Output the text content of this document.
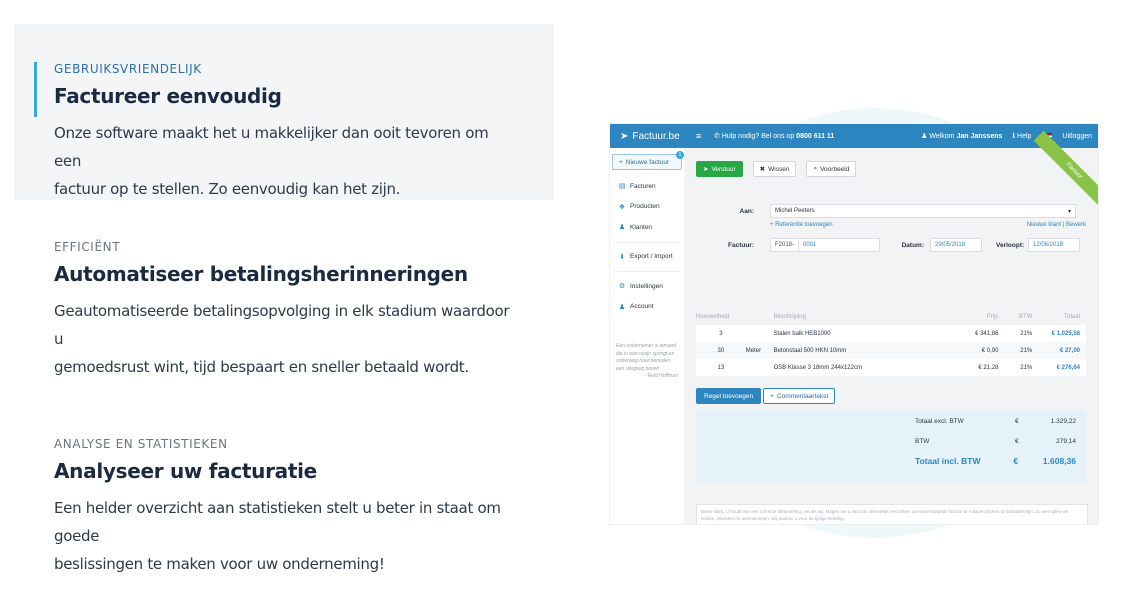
GEBRUIKSVRIENDELIJK
Factureer eenvoudig
Onze software maakt het u makkelijker dan ooit tevoren om een
factuur op te stellen. Zo eenvoudig kan het zijn.
EFFICIËNT
Automatiseer betalingsherinneringen
Geautomatiseerde betalingsopvolging in elk stadium waardoor u
gemoedsrust wint, tijd bespaart en sneller betaald wordt.
ANALYSE EN STATISTIEKEN
Analyseer uw facturatie
Een helder overzicht aan statistieken stelt u beter in staat om goede
beslissingen te maken voor uw onderneming!
➤ Factuur.be ≡	✆ Hulp nodig? Bel ons op 0800 611 11	♟ Welkom Jan Janssens ℹ Help	Uitloggen
+ Nieuwe factuur
1
▤ Facturen
❖ Producten
♟ Klanten
⬇ Export / Import
⚙ Instellingen
♟ Account
Een ondernemer is iemand die in een ravijn springt en onderweg naar beneden een vliegtuig bouwt
- Reid Hoffman
Factuur
➤ Verstuur	✖ Wissen	⌕ Voorbeeld
Aan:	Michel Peeters	▾
+ Referentie toevoegen	Nieuwe klant | Bewerk
Factuur:	F2018-	0001	Datum:	29/05/2018	Verloopt:	12/06/2018
Hoeveelheid	Beschrijving	Prijs	BTW	Totaal
3	Stalen balk HEB1000	€ 341,86	21%	€ 1.025,58
30	Meter	Betonstaal 500 HKN 10mm	€ 0,90	21%	€ 27,00
13	OSB Klasse 3 18mm 244x122cm	€ 21,28	21%	€ 276,64
Regel toevoegen	+ Commentaartekst
Totaal excl. BTW	€	1.329,22
BTW	€	279,14
Totaal incl. BTW	€	1.608,36
Beste klant, U houdt van een correcte afhandeling, net als wij. Mogen we u dan ook vriendelijk verzoeken om bovenstaande factuur te voldoen binnen de betaaltermijn. Zo vermijden we kosten, intresten en aanmaningen. Wij danken u voor de tijdige betaling.
